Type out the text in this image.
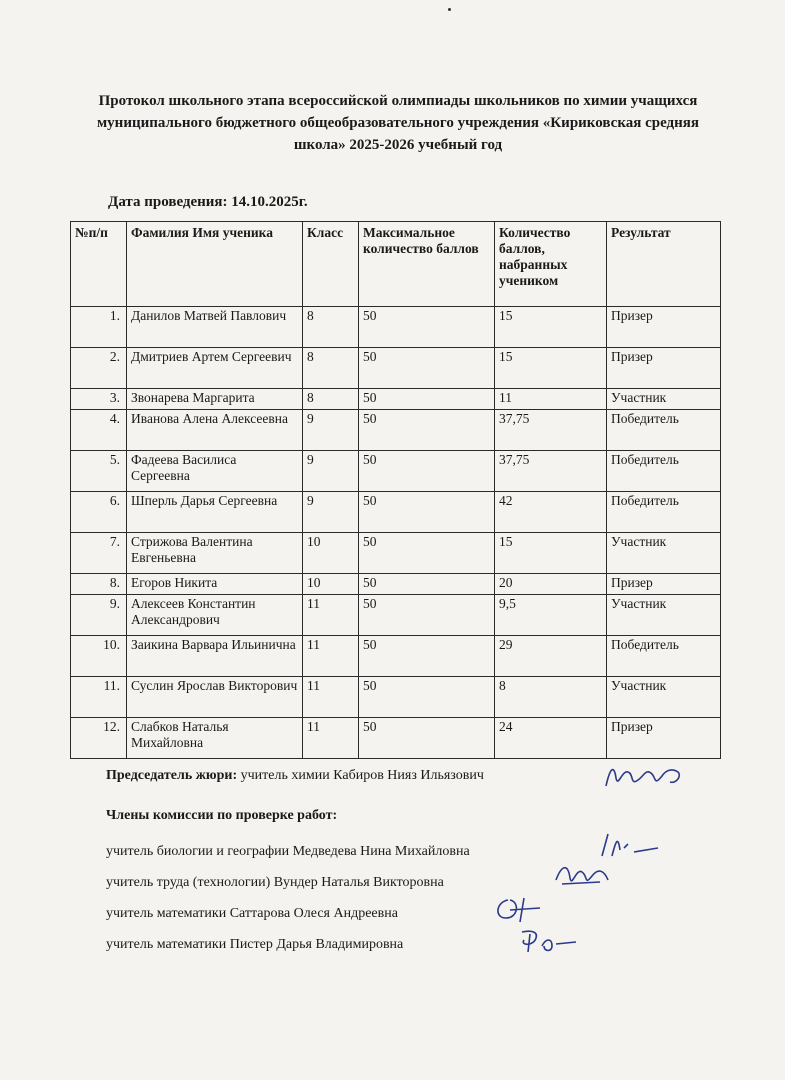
Протокол школьного этапа всероссийской олимпиады школьников по химии учащихся муниципального бюджетного общеобразовательного учреждения «Кириковская средняя школа» 2025-2026 учебный год
Дата проведения: 14.10.2025г.
№п/п	Фамилия Имя ученика	Класс	Максимальное количество баллов	Количество баллов, набранных учеником	Результат
1.	Данилов Матвей Павлович	8	50	15	Призер
2.	Дмитриев Артем Сергеевич	8	50	15	Призер
3.	Звонарева Маргарита	8	50	11	Участник
4.	Иванова Алена Алексеевна	9	50	37,75	Победитель
5.	Фадеева Василиса Сергеевна	9	50	37,75	Победитель
6.	Шперль Дарья Сергеевна	9	50	42	Победитель
7.	Стрижова Валентина Евгеньевна	10	50	15	Участник
8.	Егоров Никита	10	50	20	Призер
9.	Алексеев Константин Александрович	11	50	9,5	Участник
10.	Заикина Варвара Ильинична	11	50	29	Победитель
11.	Суслин Ярослав Викторович	11	50	8	Участник
12.	Слабков Наталья Михайловна	11	50	24	Призер
Председатель жюри: учитель химии Кабиров Нияз Ильязович
Члены комиссии по проверке работ:
учитель биологии и географии Медведева Нина Михайловна
учитель труда (технологии) Вундер Наталья Викторовна
учитель математики Саттарова Олеся Андреевна
учитель математики Пистер Дарья Владимировна
